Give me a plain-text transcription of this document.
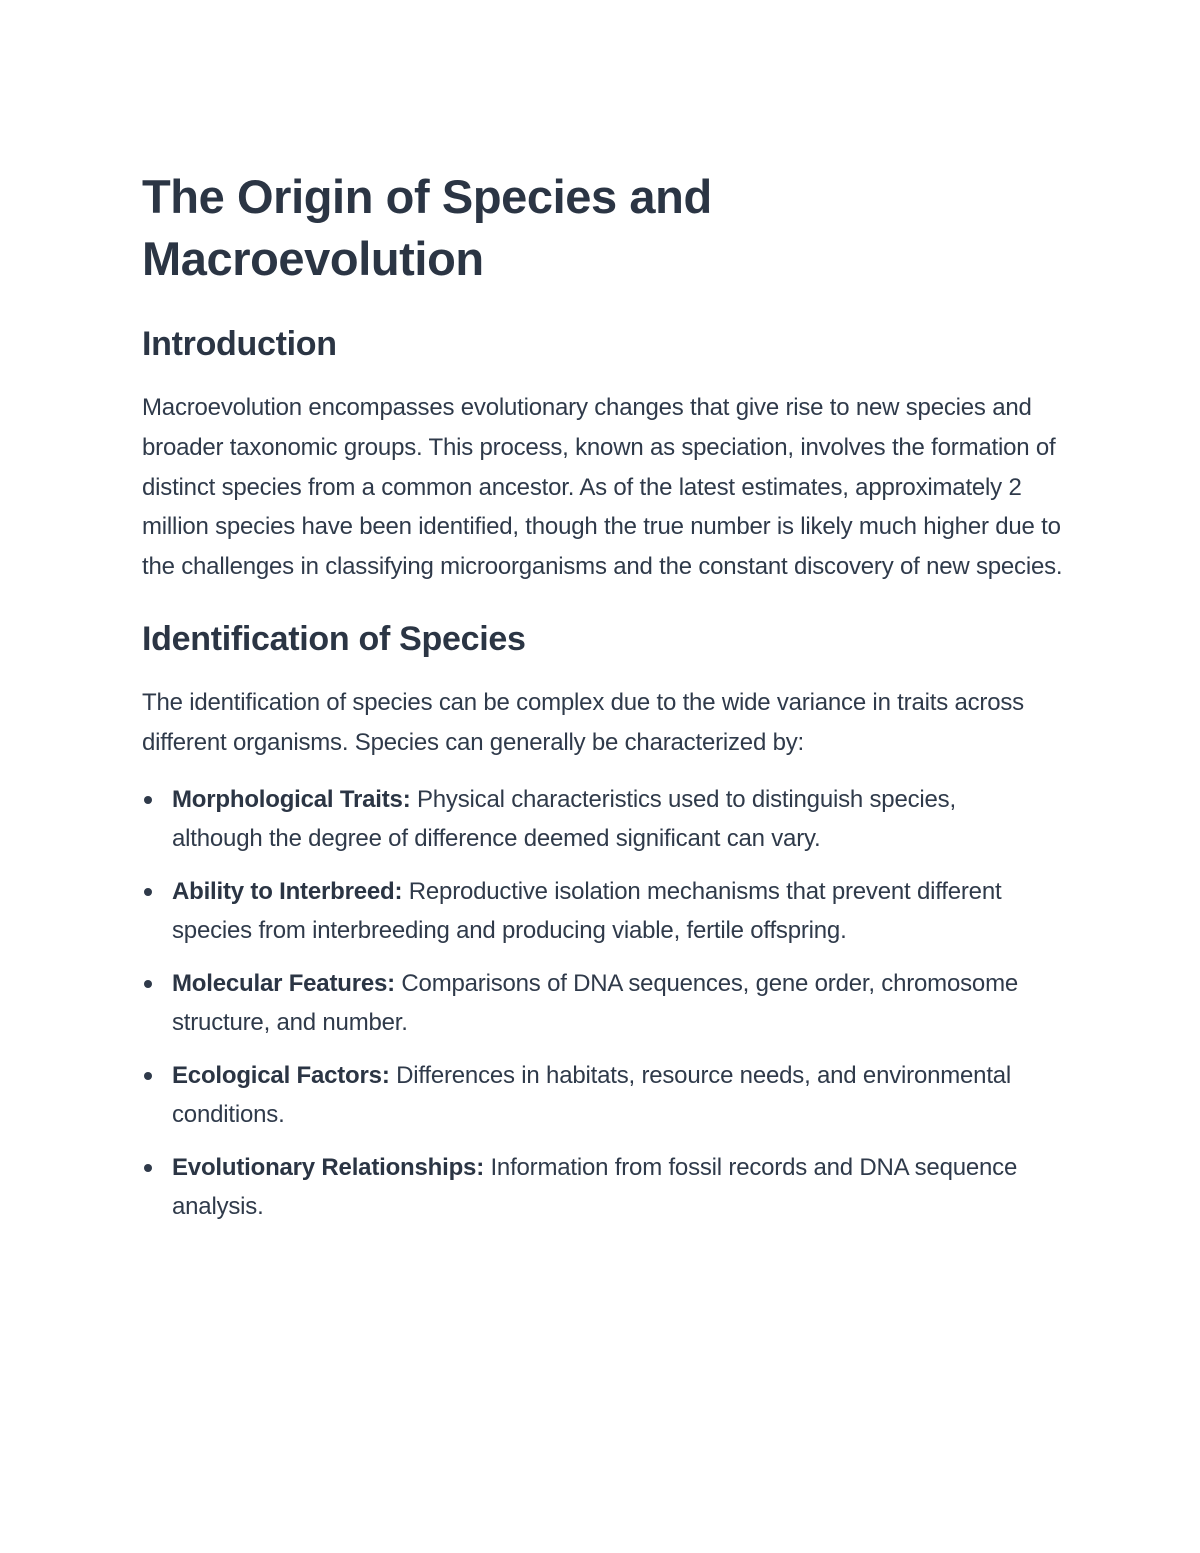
The Origin of Species and Macroevolution
Introduction

Macroevolution encompasses evolutionary changes that give rise to new species and broader taxonomic groups. This process, known as speciation, involves the formation of distinct species from a common ancestor. As of the latest estimates, approximately 2 million species have been identified, though the true number is likely much higher due to the challenges in classifying microorganisms and the constant discovery of new species.

Identification of Species

The identification of species can be complex due to the wide variance in traits across different organisms. Species can generally be characterized by:

Morphological Traits: Physical characteristics used to distinguish species, although the degree of difference deemed significant can vary.
Ability to Interbreed: Reproductive isolation mechanisms that prevent different species from interbreeding and producing viable, fertile offspring.
Molecular Features: Comparisons of DNA sequences, gene order, chromosome structure, and number.
Ecological Factors: Differences in habitats, resource needs, and environmental conditions.
Evolutionary Relationships: Information from fossil records and DNA sequence analysis.
